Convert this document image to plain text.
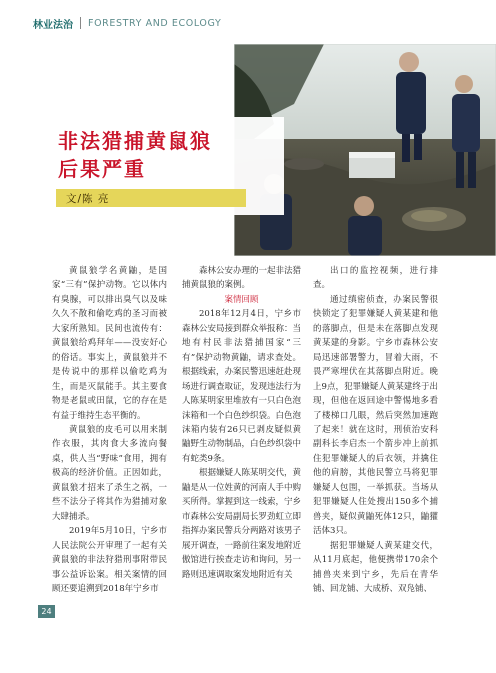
林业法治 FORESTRY AND ECOLOGY
非法猎捕黄鼠狼
后果严重
文/陈 亮

黄鼠狼学名黄鼬，是国家“三有”保护动物。它以体内有臭腺，可以排出臭气以及味久久不散和偷吃鸡的圣习而被大家所熟知。民间也流传有：黄鼠狼给鸡拜年——没安好心的俗话。事实上，黄鼠狼并不是传说中的那样以偷吃鸡为生，而是灭鼠能手。其主要食物是老鼠或田鼠，它的存在是有益于维持生态平衡的。

黄鼠狼的皮毛可以用来制作衣服，其肉食大多流向餐桌，供人当“野味”食用，拥有极高的经济价值。正因如此，黄鼠狼才招来了杀生之祸，一些不法分子将其作为猎捕对象大肆捕杀。

2019年5月10日，宁乡市人民法院公开审理了一起有关黄鼠狼的非法狩猎刑事附带民事公益诉讼案。相关案情的回顾还要追溯到2018年宁乡市

森林公安办理的一起非法猎捕黄鼠狼的案例。

案情回顾

2018年12月4日，宁乡市森林公安局接到群众举报称：当地有村民非法猎捕国家“三有”保护动物黄鼬，请求查处。根据线索，办案民警迅速赶赴现场进行调查取证，发现违法行为人陈某明家里堆放有一只白色泡沫箱和一个白色纱织袋。白色泡沫箱内装有26只已剥皮疑似黄鼬野生动物制品，白色纱织袋中有蛇类9条。

根据嫌疑人陈某明交代，黄鼬是从一位姓黄的河南人手中购买所得。掌握到这一线索，宁乡市森林公安局副局长罗劲虹立即指挥办案民警兵分两路对该男子展开调查，一路前往案发地附近傲馆进行挨查走访和询问，另一路则迅速调取案发地附近有关

出口的监控视频，进行排查。

通过缜密侦查，办案民警很快锁定了犯罪嫌疑人黄某建和他的落脚点，但是未在落脚点发现黄某建的身影。宁乡市森林公安局迅速部署警力，冒着大雨，不畏严寒埋伏在其落脚点附近。晚上9点，犯罪嫌疑人黄某建终于出现，但他在返回途中警惕地多看了楼梯口几眼，然后突然加速跑了起来！就在这时，刑侦治安科副科长李启杰一个箭步冲上前抓住犯罪嫌疑人的后衣领，并擒住他的肩膀，其他民警立马将犯罪嫌疑人包围，一举抓获。当场从犯罪嫌疑人住处搜出150多个捕兽夹，疑似黄鼬死体12只，鼬獾活体3只。

据犯罪嫌疑人黄某建交代，从11月底起，他便携带170余个捕兽夹来到宁乡，先后在青华铺、回龙铺、大成桥、双凫铺、

24
